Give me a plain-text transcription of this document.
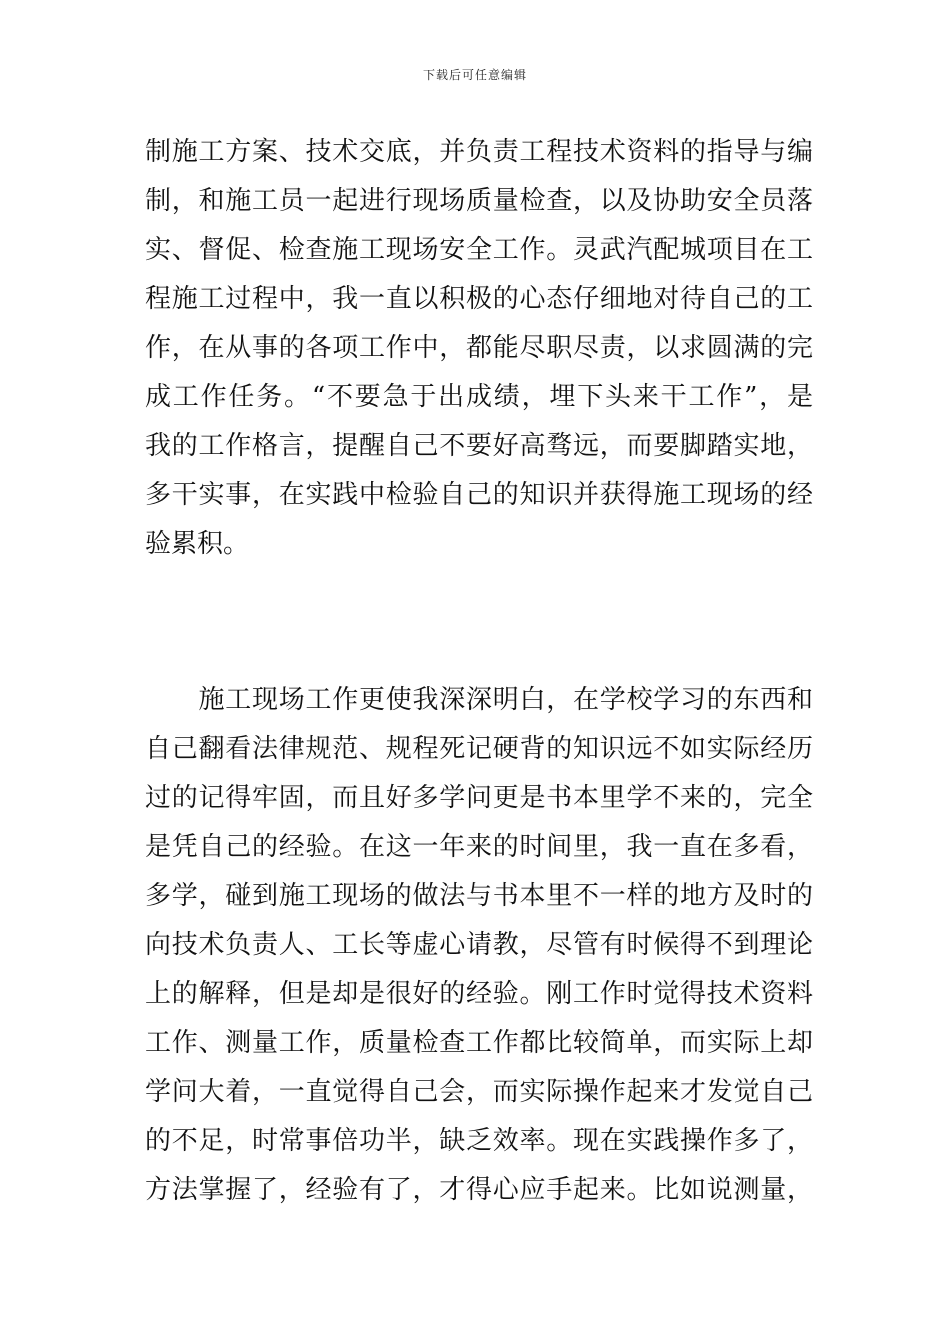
下载后可任意编辑
制施工方案、技术交底，并负责工程技术资料的指导与编
制，和施工员一起进行现场质量检查，以及协助安全员落
实、督促、检查施工现场安全工作。灵武汽配城项目在工
程施工过程中，我一直以积极的心态仔细地对待自己的工
作，在从事的各项工作中，都能尽职尽责，以求圆满的完
成工作任务。“不要急于出成绩，埋下头来干工作”，是
我的工作格言，提醒自己不要好高骛远，而要脚踏实地，
多干实事，在实践中检验自己的知识并获得施工现场的经
验累积。
　　施工现场工作更使我深深明白，在学校学习的东西和
自己翻看法律规范、规程死记硬背的知识远不如实际经历
过的记得牢固，而且好多学问更是书本里学不来的，完全
是凭自己的经验。在这一年来的时间里，我一直在多看，
多学，碰到施工现场的做法与书本里不一样的地方及时的
向技术负责人、工长等虚心请教，尽管有时候得不到理论
上的解释，但是却是很好的经验。刚工作时觉得技术资料
工作、测量工作，质量检查工作都比较简单，而实际上却
学问大着，一直觉得自己会，而实际操作起来才发觉自己
的不足，时常事倍功半，缺乏效率。现在实践操作多了，
方法掌握了，经验有了，才得心应手起来。比如说测量，
